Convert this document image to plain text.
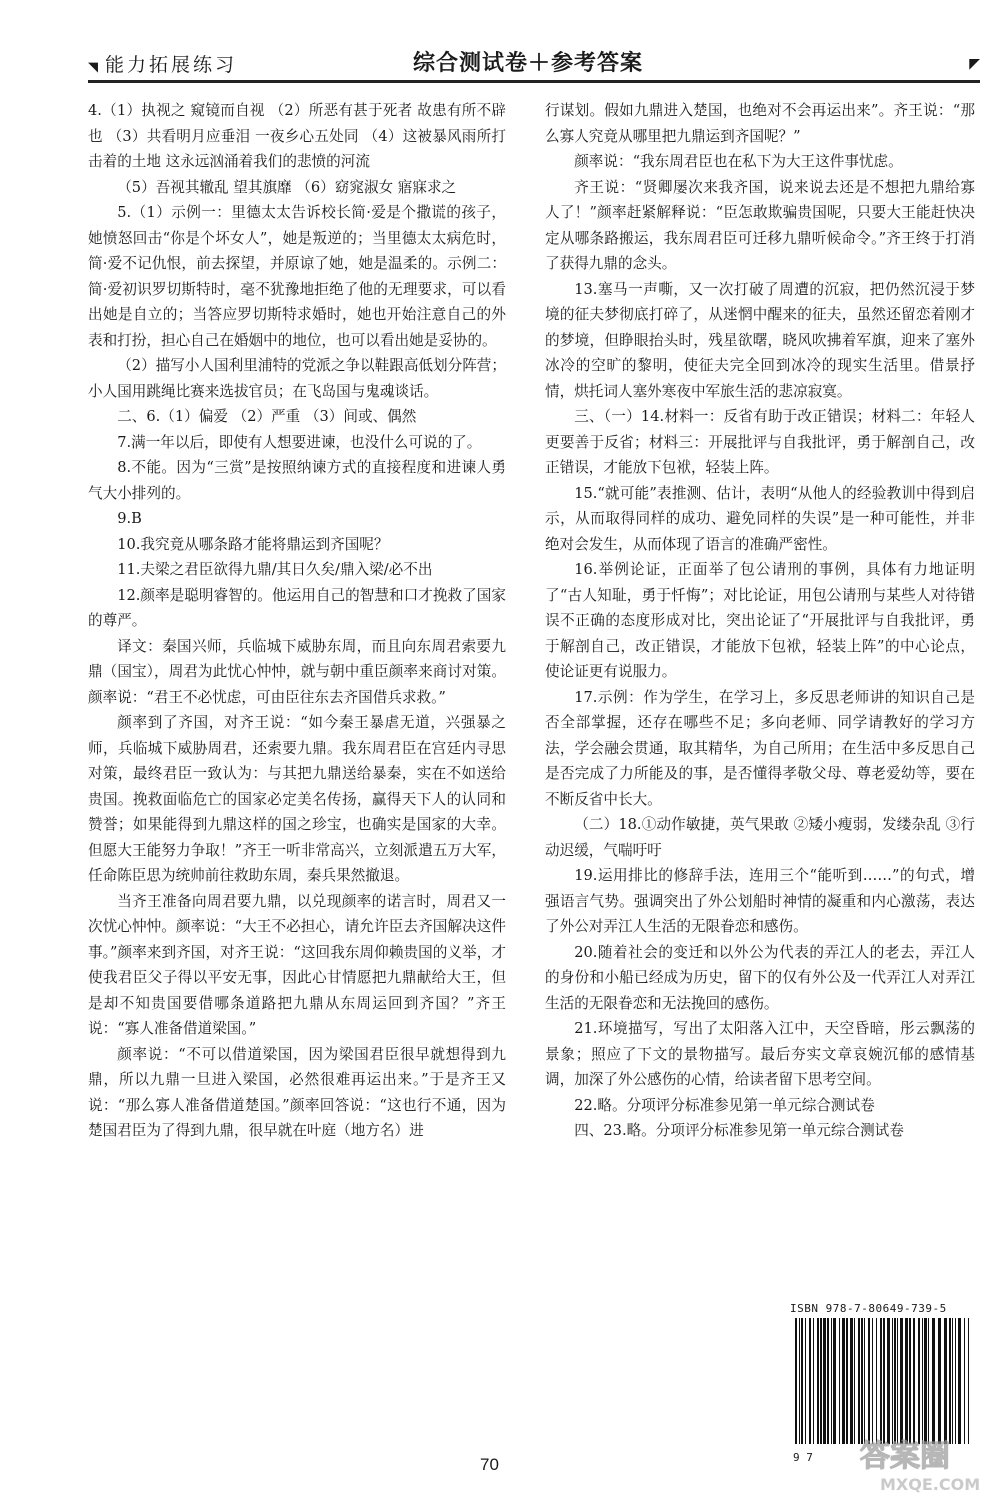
◥ 能力拓展练习	综合测试卷＋参考答案	◤

4.（1）执视之 窥镜而自视 （2）所恶有甚于死者 故患有所不辟也 （3）共看明月应垂泪 一夜乡心五处同 （4）这被暴风雨所打击着的土地 这永远汹涌着我们的悲愤的河流

（5）吾视其辙乱 望其旗靡 （6）窈窕淑女 寤寐求之

5.（1）示例一：里德太太告诉校长简·爱是个撒谎的孩子，她愤怒回击“你是个坏女人”，她是叛逆的；当里德太太病危时，简·爱不记仇恨，前去探望，并原谅了她，她是温柔的。示例二：简·爱初识罗切斯特时，毫不犹豫地拒绝了他的无理要求，可以看出她是自立的；当答应罗切斯特求婚时，她也开始注意自己的外表和打扮，担心自己在婚姻中的地位，也可以看出她是妥协的。

（2）描写小人国利里浦特的党派之争以鞋跟高低划分阵营；小人国用跳绳比赛来选拔官员；在飞岛国与鬼魂谈话。

二、6.（1）偏爱 （2）严重 （3）间或、偶然

7.满一年以后，即使有人想要进谏，也没什么可说的了。

8.不能。因为“三赏”是按照纳谏方式的直接程度和进谏人勇气大小排列的。

9.B

10.我究竟从哪条路才能将鼎运到齐国呢？

11.夫梁之君臣欲得九鼎/其日久矣/鼎入梁/必不出

12.颜率是聪明睿智的。他运用自己的智慧和口才挽救了国家的尊严。

译文：秦国兴师，兵临城下威胁东周，而且向东周君索要九鼎（国宝），周君为此忧心忡忡，就与朝中重臣颜率来商讨对策。颜率说：“君王不必忧虑，可由臣往东去齐国借兵求救。”

颜率到了齐国，对齐王说：“如今秦王暴虐无道，兴强暴之师，兵临城下威胁周君，还索要九鼎。我东周君臣在宫廷内寻思对策，最终君臣一致认为：与其把九鼎送给暴秦，实在不如送给贵国。挽救面临危亡的国家必定美名传扬，赢得天下人的认同和赞誉；如果能得到九鼎这样的国之珍宝，也确实是国家的大幸。但愿大王能努力争取！”齐王一听非常高兴，立刻派遣五万大军，任命陈臣思为统帅前往救助东周，秦兵果然撤退。

当齐王准备向周君要九鼎，以兑现颜率的诺言时，周君又一次忧心忡忡。颜率说：“大王不必担心，请允许臣去齐国解决这件事。”颜率来到齐国，对齐王说：“这回我东周仰赖贵国的义举，才使我君臣父子得以平安无事，因此心甘情愿把九鼎献给大王，但是却不知贵国要借哪条道路把九鼎从东周运回到齐国？”齐王说：“寡人准备借道梁国。”

颜率说：“不可以借道梁国，因为梁国君臣很早就想得到九鼎，所以九鼎一旦进入梁国，必然很难再运出来。”于是齐王又说：“那么寡人准备借道楚国。”颜率回答说：“这也行不通，因为楚国君臣为了得到九鼎，很早就在叶庭（地方名）进

行谋划。假如九鼎进入楚国，也绝对不会再运出来”。齐王说：“那么寡人究竟从哪里把九鼎运到齐国呢？”

颜率说：“我东周君臣也在私下为大王这件事忧虑。

齐王说：“贤卿屡次来我齐国，说来说去还是不想把九鼎给寡人了！”颜率赶紧解释说：“臣怎敢欺骗贵国呢，只要大王能赶快决定从哪条路搬运，我东周君臣可迁移九鼎听候命令。”齐王终于打消了获得九鼎的念头。

13.塞马一声嘶，又一次打破了周遭的沉寂，把仍然沉浸于梦境的征夫梦彻底打碎了，从迷惘中醒来的征夫，虽然还留恋着刚才的梦境，但睁眼抬头时，残星欲曙，晓风吹拂着军旗，迎来了塞外冰冷的空旷的黎明，使征夫完全回到冰冷的现实生活里。借景抒情，烘托词人塞外寒夜中军旅生活的悲凉寂寞。

三、（一）14.材料一：反省有助于改正错误；材料二：年轻人更要善于反省；材料三：开展批评与自我批评，勇于解剖自己，改正错误，才能放下包袱，轻装上阵。

15.“就可能”表推测、估计，表明“从他人的经验教训中得到启示，从而取得同样的成功、避免同样的失误”是一种可能性，并非绝对会发生，从而体现了语言的准确严密性。

16.举例论证，正面举了包公请刑的事例，具体有力地证明了“古人知耻，勇于忏悔”；对比论证，用包公请刑与某些人对待错误不正确的态度形成对比，突出论证了“开展批评与自我批评，勇于解剖自己，改正错误，才能放下包袱，轻装上阵”的中心论点，使论证更有说服力。

17.示例：作为学生，在学习上，多反思老师讲的知识自己是否全部掌握，还存在哪些不足；多向老师、同学请教好的学习方法，学会融会贯通，取其精华，为自己所用；在生活中多反思自己是否完成了力所能及的事，是否懂得孝敬父母、尊老爱幼等，要在不断反省中长大。

（二）18.①动作敏捷，英气果敢 ②矮小瘦弱，发缕杂乱 ③行动迟缓，气喘吁吁

19.运用排比的修辞手法，连用三个“能听到……”的句式，增强语言气势。强调突出了外公划船时神情的凝重和内心激荡，表达了外公对弄江人生活的无限眷恋和感伤。

20.随着社会的变迁和以外公为代表的弄江人的老去，弄江人的身份和小船已经成为历史，留下的仅有外公及一代弄江人对弄江生活的无限眷恋和无法挽回的感伤。

21.环境描写，写出了太阳落入江中，天空昏暗，彤云飘荡的景象；照应了下文的景物描写。最后夯实文章哀婉沉郁的感情基调，加深了外公感伤的心情，给读者留下思考空间。

22.略。分项评分标准参见第一单元综合测试卷

四、23.略。分项评分标准参见第一单元综合测试卷

ISBN 978-7-80649-739-5
9 7
70	答案圈
MXQE.COM
